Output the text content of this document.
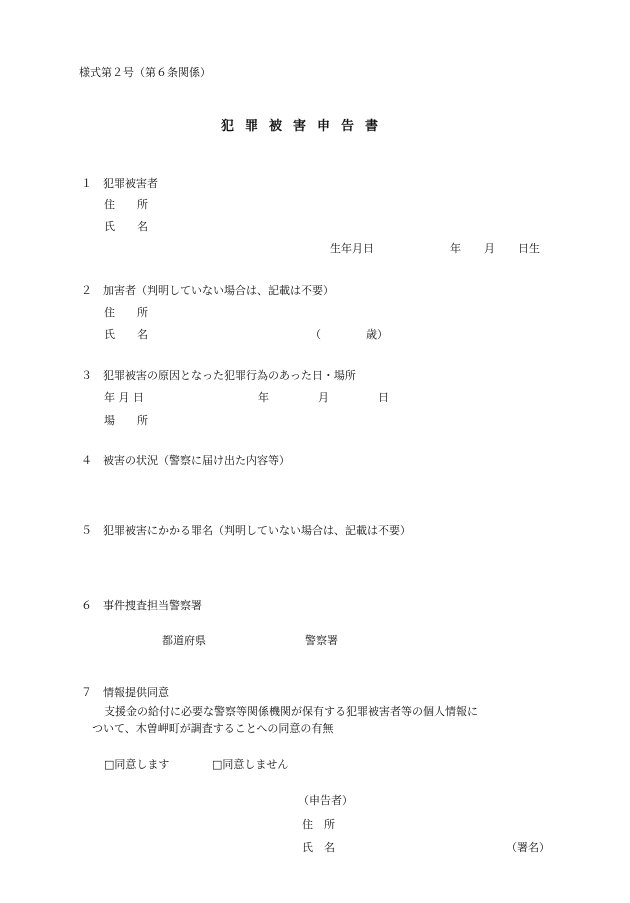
様式第２号（第６条関係）
犯罪被害申告書
１　犯罪被害者
住　　所
氏　　名
生年月日	年 月 日生
２　加害者（判明していない場合は、記載は不要）
住　　所
氏　　名	（	歳）
３　犯罪被害の原因となった犯罪行為のあった日・場所
年 月 日	年	月	日
場　　所
４　被害の状況（警察に届け出た内容等）
５　犯罪被害にかかる罪名（判明していない場合は、記載は不要）
６　事件捜査担当警察署
都道府県	警察署
７　情報提供同意
支援金の給付に必要な警察等関係機関が保有する犯罪被害者等の個人情報に
ついて、木曽岬町が調査することへの同意の有無
□同意します	□同意しません
（申告者）
住　所
氏　名	（署名）
